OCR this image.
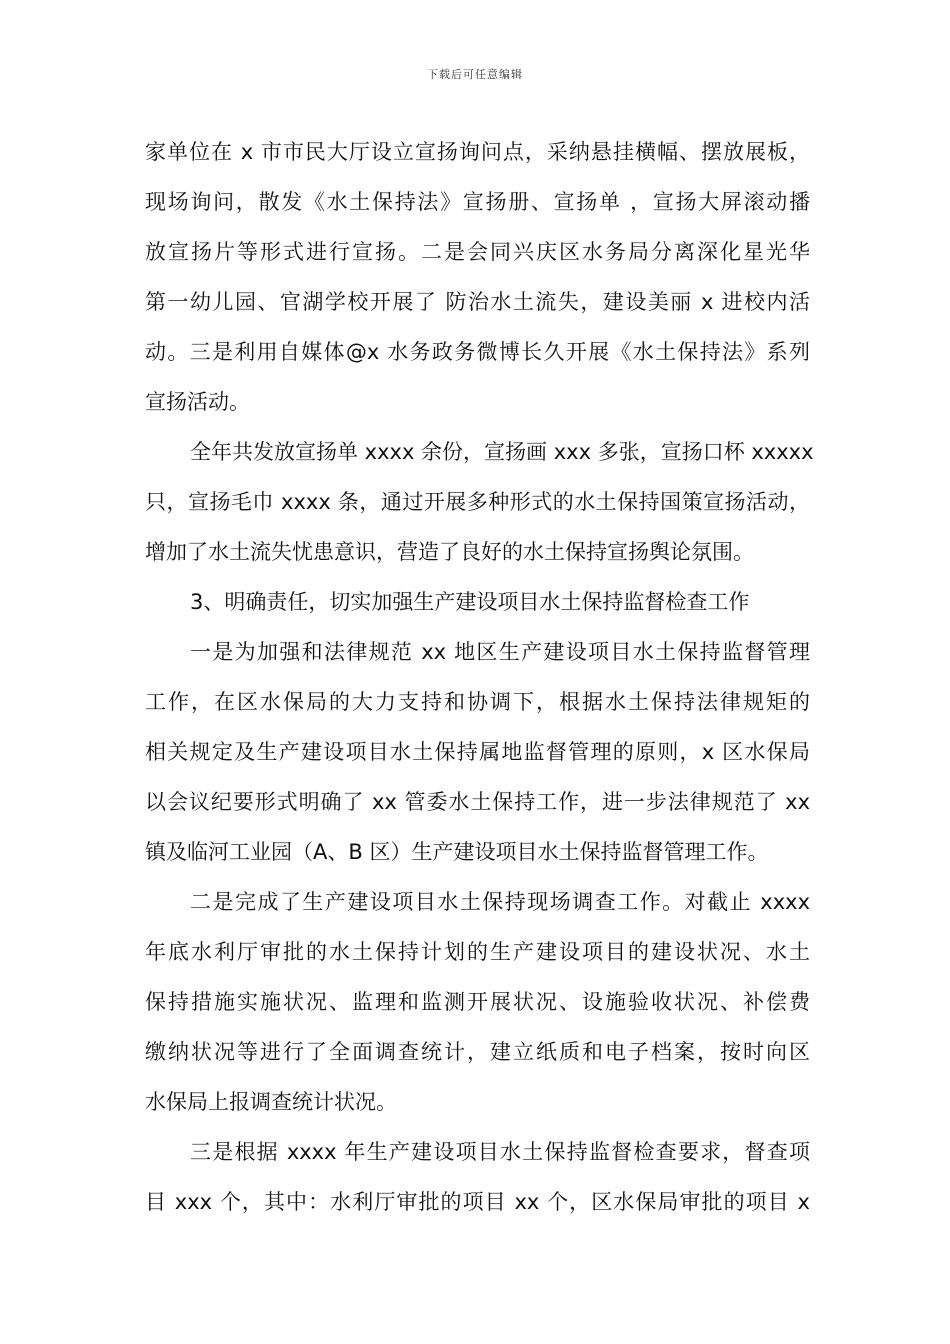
下载后可任意编辑
家单位在 x 市市民大厅设立宣扬询问点，采纳悬挂横幅、摆放展板，
现场询问，散发《水土保持法》宣扬册、宣扬单 ，宣扬大屏滚动播
放宣扬片等形式进行宣扬。二是会同兴庆区水务局分离深化星光华
第一幼儿园、官湖学校开展了 防治水土流失，建设美丽 x 进校内活
动。三是利用自媒体@x 水务政务微博长久开展《水土保持法》系列
宣扬活动。
全年共发放宣扬单 xxxx 余份，宣扬画 xxx 多张，宣扬口杯 xxxxx
只，宣扬毛巾 xxxx 条，通过开展多种形式的水土保持国策宣扬活动，
增加了水土流失忧患意识，营造了良好的水土保持宣扬舆论氛围。
3、明确责任，切实加强生产建设项目水土保持监督检查工作
一是为加强和法律规范 xx 地区生产建设项目水土保持监督管理
工作，在区水保局的大力支持和协调下，根据水土保持法律规矩的
相关规定及生产建设项目水土保持属地监督管理的原则，x 区水保局
以会议纪要形式明确了 xx 管委水土保持工作，进一步法律规范了 xx
镇及临河工业园（A、B 区）生产建设项目水土保持监督管理工作。
二是完成了生产建设项目水土保持现场调查工作。对截止 xxxx
年底水利厅审批的水土保持计划的生产建设项目的建设状况、水土
保持措施实施状况、监理和监测开展状况、设施验收状况、补偿费
缴纳状况等进行了全面调查统计，建立纸质和电子档案，按时向区
水保局上报调查统计状况。
三是根据 xxxx 年生产建设项目水土保持监督检查要求，督查项
目 xxx 个，其中：水利厅审批的项目 xx 个，区水保局审批的项目 x
